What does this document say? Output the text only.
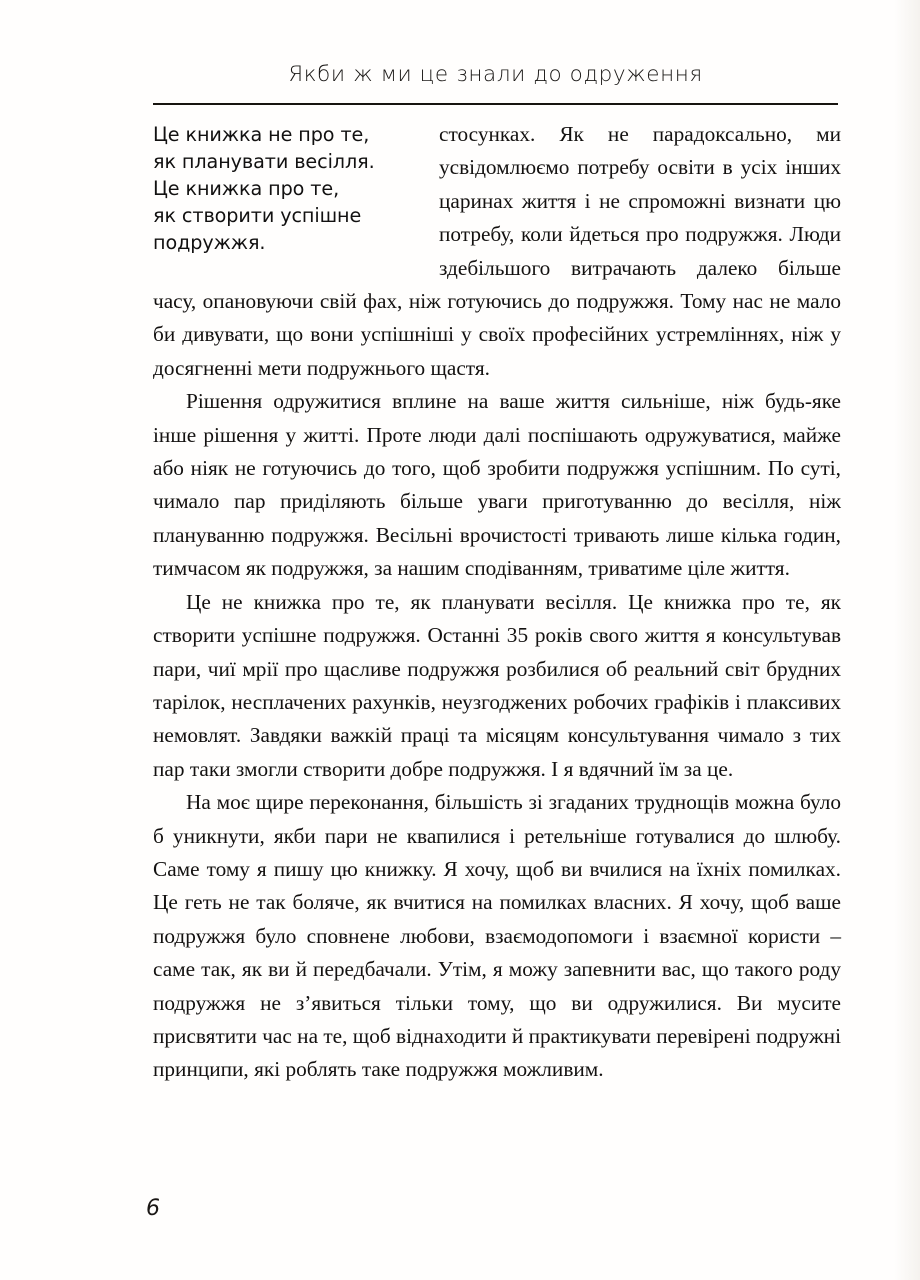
Якби ж ми це знали до одруження
Це книжка не про те,
як планувати весілля.
Це книжка про те,
як створити успішне
подружжя.

стосунках. Як не парадоксально, ми усвідомлюємо потребу освіти в усіх інших царинах життя і не спроможні визнати цю потребу, коли йдеться про подружжя. Люди здебільшого витрачають далеко більше часу, опановуючи свій фах, ніж готуючись до подружжя. Тому нас не мало би дивувати, що вони успішніші у своїх професійних устремліннях, ніж у досягненні мети подружнього щастя.

Рішення одружитися вплине на ваше життя сильніше, ніж будь-яке інше рішення у житті. Проте люди далі поспішають одружуватися, майже або ніяк не готуючись до того, щоб зробити подружжя успішним. По суті, чимало пар приділяють більше уваги приготуванню до весілля, ніж плануванню подружжя. Весільні врочистості тривають лише кілька годин, тимчасом як подружжя, за нашим сподіванням, триватиме ціле життя.

Це не книжка про те, як планувати весілля. Це книжка про те, як створити успішне подружжя. Останні 35 років свого життя я консультував пари, чиї мрії про щасливе подружжя розбилися об реальний світ брудних тарілок, несплачених рахунків, неузгоджених робочих графіків і плаксивих немовлят. Завдяки важкій праці та місяцям консультування чимало з тих пар таки змогли створити добре подружжя. І я вдячний їм за це.

На моє щире переконання, більшість зі згаданих труднощів можна було б уникнути, якби пари не квапилися і ретельніше готувалися до шлюбу. Саме тому я пишу цю книжку. Я хочу, щоб ви вчилися на їхніх помилках. Це геть не так боляче, як вчитися на помилках власних. Я хочу, щоб ваше подружжя було сповнене любови, взаємодопомоги і взаємної користи – саме так, як ви й передбачали. Утім, я можу запевнити вас, що такого роду подружжя не з’явиться тільки тому, що ви одружилися. Ви мусите присвятити час на те, щоб віднаходити й практикувати перевірені подружні принципи, які роблять таке подружжя можливим.

6
